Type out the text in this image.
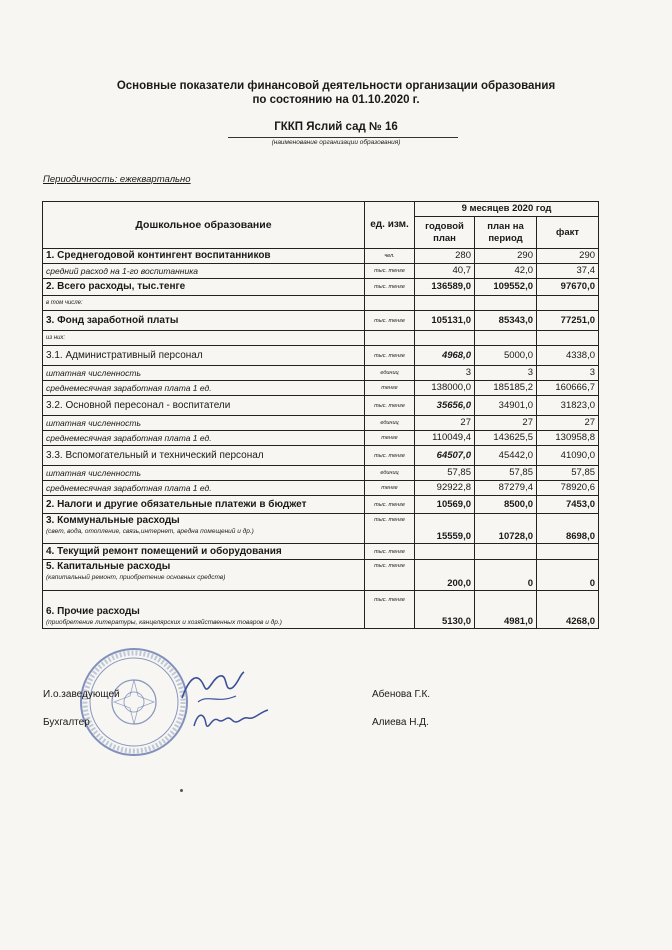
Основные показатели финансовой деятельности организации образования
по состоянию на 01.10.2020 г.
ГККП Яслий сад № 16
(наименование организации образования)
Периодичность: ежеквартально
Дошкольное образование	ед. изм.	9 месяцев 2020 год		
		годовой план	план на период	факт
1. Среднегодовой контингент воспитанников	чел.	280	290	290
средний расход на 1-го воспитанника	тыс. тенге	40,7	42,0	37,4
2. Всего расходы, тыс.тенге	тыс. тенге	136589,0	109552,0	97670,0
в том числе:				
3. Фонд заработной платы	тыс. тенге	105131,0	85343,0	77251,0
из них:				
3.1. Административный персонал	тыс. тенге	4968,0	5000,0	4338,0
штатная численность	единиц	3	3	3
среднемесячная заработная плата 1 ед.	тенге	138000,0	185185,2	160666,7
3.2. Основной пересонал - воспитатели	тыс. тенге	35656,0	34901,0	31823,0
штатная численность	единиц	27	27	27
среднемесячная заработная плата 1 ед.	тенге	110049,4	143625,5	130958,8
3.3. Вспомогательный и технический персонал	тыс. тенге	64507,0	45442,0	41090,0
штатная численность	единиц	57,85	57,85	57,85
среднемесячная заработная плата 1 ед.	тенге	92922,8	87279,4	78920,6
2. Налоги и другие обязательные платежи в бюджет	тыс. тенге	10569,0	8500,0	7453,0
3. Коммунальные расходы
(свет, вода, отопление, связь,интернет, аредна помещений и др.)	тыс. тенге	15559,0	10728,0	8698,0
4. Текущий ремонт помещений и оборудования	тыс. тенге			
5. Капитальные расходы
(капитальный ремонт, приобретение основных средств)	тыс. тенге	200,0	0	0
6. Прочие расходы
(приобретение литературы, канцелярских и хозяйственных товаров и др.)	тыс. тенге	5130,0	4981,0	4268,0
И.о.заведующей	Абенова Г.К.
Бухгалтер	Алиева Н.Д.
